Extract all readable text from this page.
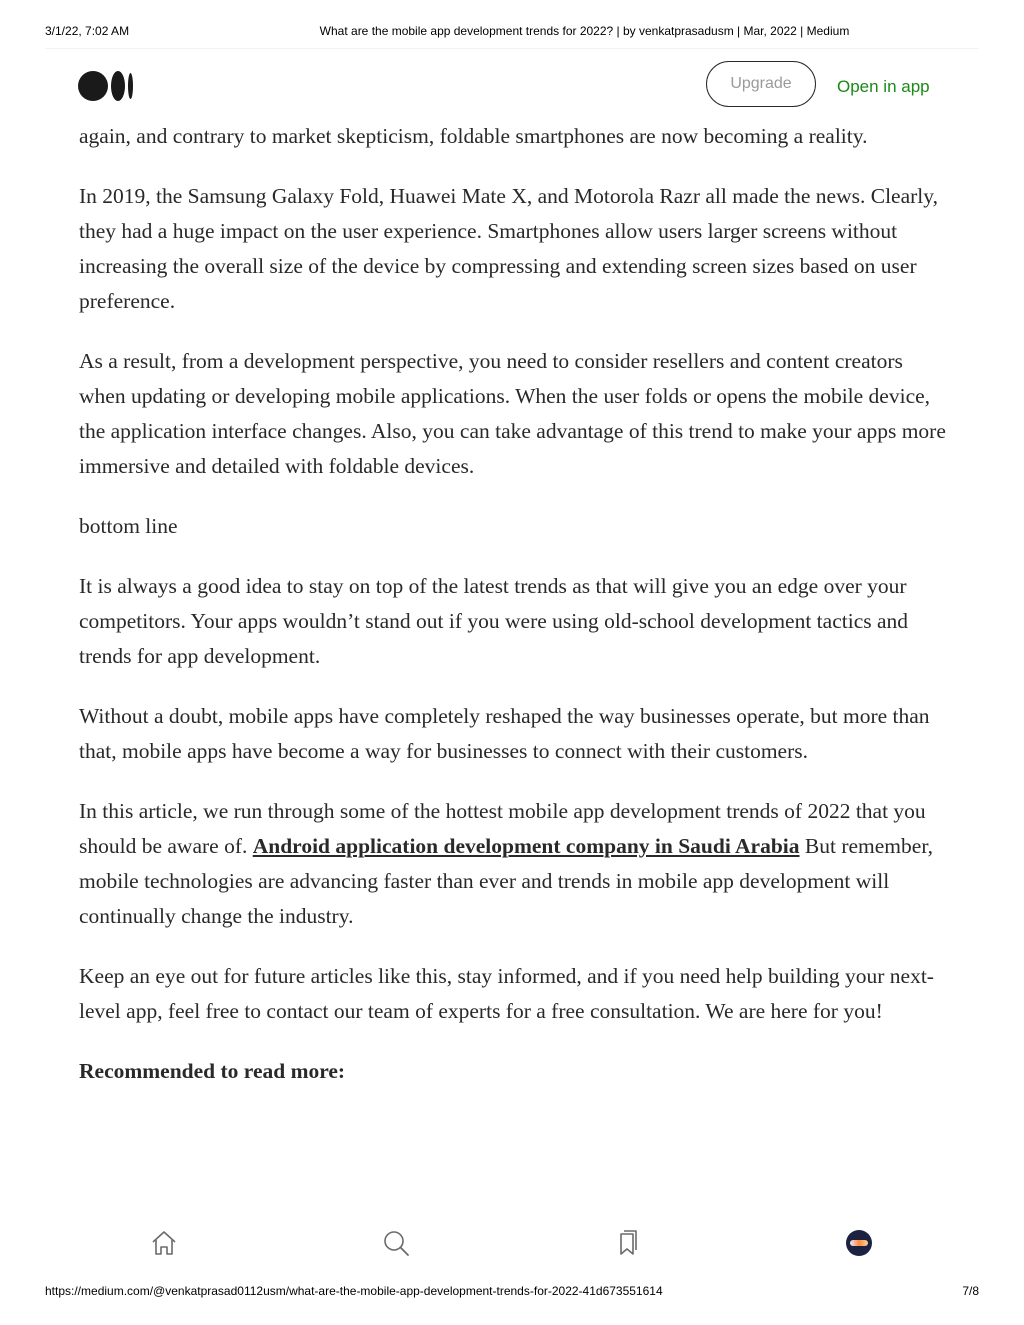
3/1/22, 7:02 AM	What are the mobile app development trends for 2022? | by venkatprasadusm | Mar, 2022 | Medium
Upgrade	Open in app

again, and contrary to market skepticism, foldable smartphones are now becoming a reality.

In 2019, the Samsung Galaxy Fold, Huawei Mate X, and Motorola Razr all made the news. Clearly, they had a huge impact on the user experience. Smartphones allow users larger screens without increasing the overall size of the device by compressing and extending screen sizes based on user preference.

As a result, from a development perspective, you need to consider resellers and content creators when updating or developing mobile applications. When the user folds or opens the mobile device, the application interface changes. Also, you can take advantage of this trend to make your apps more immersive and detailed with foldable devices.

bottom line

It is always a good idea to stay on top of the latest trends as that will give you an edge over your competitors. Your apps wouldn’t stand out if you were using old-school development tactics and trends for app development.

Without a doubt, mobile apps have completely reshaped the way businesses operate, but more than that, mobile apps have become a way for businesses to connect with their customers.

In this article, we run through some of the hottest mobile app development trends of 2022 that you should be aware of. Android application development company in Saudi Arabia But remember, mobile technologies are advancing faster than ever and trends in mobile app development will continually change the industry.

Keep an eye out for future articles like this, stay informed, and if you need help building your next-level app, feel free to contact our team of experts for a free consultation. We are here for you!

Recommended to read more:

https://medium.com/@venkatprasad0112usm/what-are-the-mobile-app-development-trends-for-2022-41d673551614	7/8
